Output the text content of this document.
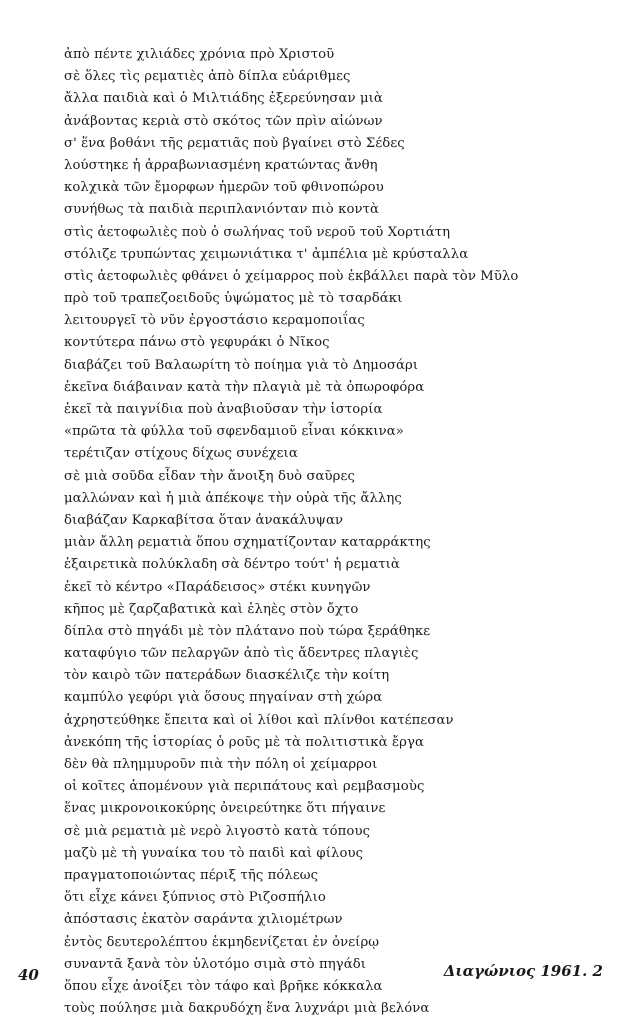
ἀπὸ πέντε χιλιάδες χρόνια πρὸ Χριστοῦ
σὲ ὅλες τὶς ρεματιὲς ἀπὸ δίπλα εὐάριθμες
ἄλλα παιδιὰ καὶ ὁ Μιλτιάδης ἐξερεύνησαν μιὰ
ἀνάβοντας κεριὰ στὸ σκότος τῶν πρὶν αἰώνων
σ' ἕνα βοθάνι τῆς ρεματιᾶς ποὺ βγαίνει στὸ Σέδες
λούστηκε ἡ ἀρραβωνιασμένη κρατώντας ἄνθη
κολχικὰ τῶν ἔμορφων ἡμερῶν τοῦ φθινοπώρου
συνήθως τὰ παιδιὰ περιπλανιόνταν πιὸ κοντὰ
στὶς ἀετοφωλιὲς ποὺ ὁ σωλήνας τοῦ νεροῦ τοῦ Χορτιάτη
στόλιζε τρυπώντας χειμωνιάτικα τ' ἀμπέλια μὲ κρύσταλλα
στὶς ἀετοφωλιὲς φθάνει ὁ χείμαρρος ποὺ ἐκβάλλει παρὰ τὸν Μῦλο
πρὸ τοῦ τραπεζοειδοῦς ὑψώματος μὲ τὸ τσαρδάκι
λειτουργεῖ τὸ νῦν ἐργοστάσιο κεραμοποιΐας
κοντύτερα πάνω στὸ γεφυράκι ὁ Νῖκος
διαβάζει τοῦ Βαλαωρίτη τὸ ποίημα γιὰ τὸ Δημοσάρι
ἐκεῖνα διάβαιναν κατὰ τὴν πλαγιὰ μὲ τὰ ὀπωροφόρα
ἐκεῖ τὰ παιγνίδια ποὺ ἀναβιοῦσαν τὴν ἱστορία
«πρῶτα τὰ φύλλα τοῦ σφενδαμιοῦ εἶναι κόκκινα»
τερέτιζαν στίχους δίχως συνέχεια
σὲ μιὰ σοῦδα εἶδαν τὴν ἄνοιξη δυὸ σαῦρες
μαλλώναν καὶ ἡ μιὰ ἀπέκοψε τὴν οὐρὰ τῆς ἄλλης
διαβάζαν Καρκαβίτσα ὅταν ἀνακάλυψαν
μιὰν ἄλλη ρεματιὰ ὅπου σχηματίζονταν καταρράκτης
ἐξαιρετικὰ πολύκλαδη σὰ δέντρο τούτ' ἡ ρεματιὰ
ἐκεῖ τὸ κέντρο «Παράδεισος» στέκι κυνηγῶν
κῆπος μὲ ζαρζαβατικὰ καὶ ἐληὲς στὸν ὄχτο
δίπλα στὸ πηγάδι μὲ τὸν πλάτανο ποὺ τώρα ξεράθηκε
καταφύγιο τῶν πελαργῶν ἀπὸ τὶς ἄδεντρες πλαγιὲς
τὸν καιρὸ τῶν πατεράδων διασκέλιζε τὴν κοίτη
καμπύλο γεφύρι γιὰ ὅσους πηγαίναν στὴ χώρα
ἀχρηστεύθηκε ἔπειτα καὶ οἱ λίθοι καὶ πλίνθοι κατέπεσαν
ἀνεκόπη τῆς ἱστορίας ὁ ροῦς μὲ τὰ πολιτιστικὰ ἔργα
δὲν θὰ πλημμυροῦν πιὰ τὴν πόλη οἱ χείμαρροι
οἱ κοῖτες ἀπομένουν γιὰ περιπάτους καὶ ρεμβασμοὺς
ἕνας μικρονοικοκύρης ὀνειρεύτηκε ὅτι πήγαινε
σὲ μιὰ ρεματιὰ μὲ νερὸ λιγοστὸ κατὰ τόπους
μαζὺ μὲ τὴ γυναίκα του τὸ παιδὶ καὶ φίλους
πραγματοποιώντας πέριξ τῆς πόλεως
ὅτι εἶχε κάνει ξύπνιος στὸ Ριζοσπήλιο
ἀπόστασις ἑκατὸν σαράντα χιλιομέτρων
ἐντὸς δευτερολέπτου ἑκμηδενίζεται ἐν ὀνείρῳ
συναντᾶ ξανὰ τὸν ὑλοτόμο σιμὰ στὸ πηγάδι
ὅπου εἶχε ἀνοίξει τὸν τάφο καὶ βρῆκε κόκκαλα
τοὺς πούλησε μιὰ δακρυδόχη ἕνα λυχνάρι μιὰ βελόνα
40	Διαγώνιος 1961. 2
